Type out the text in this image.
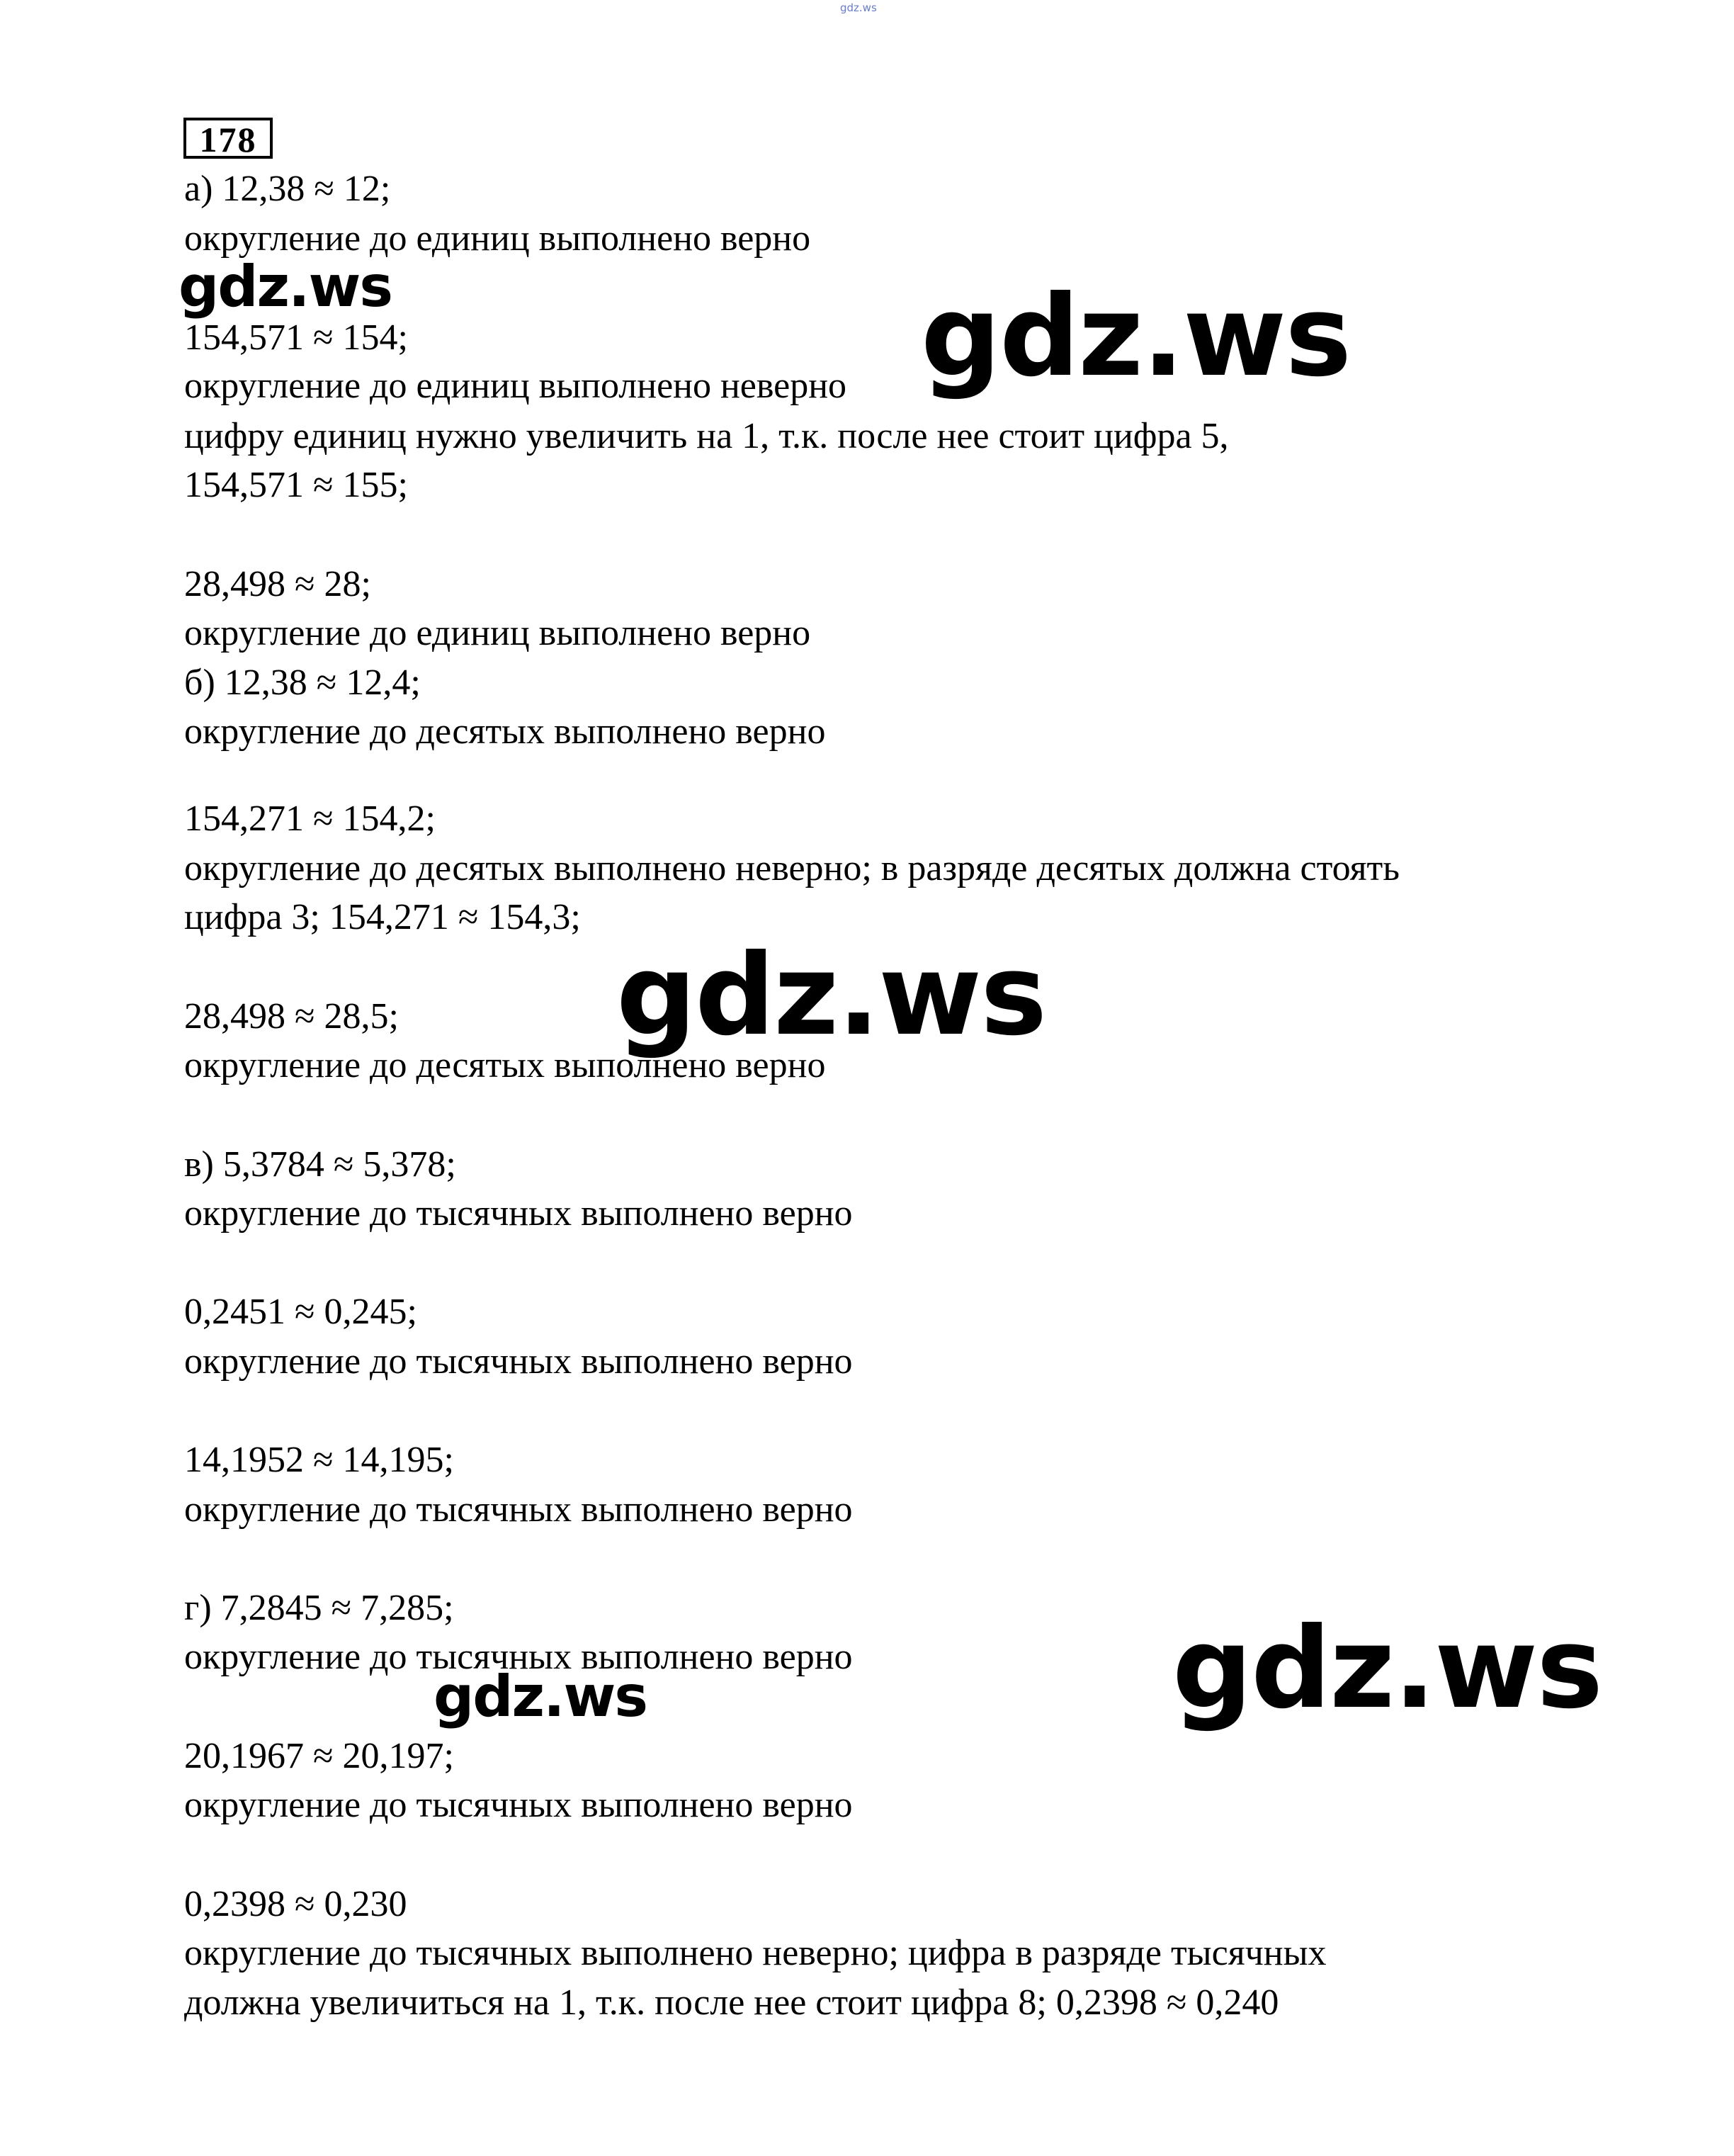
gdz.ws
178
а) 12,38 ≈ 12;
округление до единиц выполнено верно
154,571 ≈ 154;
округление до единиц выполнено неверно
цифру единиц нужно увеличить на 1, т.к. после нее стоит цифра 5,
154,571 ≈ 155;
28,498 ≈ 28;
округление до единиц выполнено верно
б) 12,38 ≈ 12,4;
округление до десятых выполнено верно
154,271 ≈ 154,2;
округление до десятых выполнено неверно; в разряде десятых должна стоять
цифра 3; 154,271 ≈ 154,3;
28,498 ≈ 28,5;
округление до десятых выполнено верно
в) 5,3784 ≈ 5,378;
округление до тысячных выполнено верно
0,2451 ≈ 0,245;
округление до тысячных выполнено верно
14,1952 ≈ 14,195;
округление до тысячных выполнено верно
г) 7,2845 ≈ 7,285;
округление до тысячных выполнено верно
20,1967 ≈ 20,197;
округление до тысячных выполнено верно
0,2398 ≈ 0,230
округление до тысячных выполнено неверно; цифра в разряде тысячных
должна увеличиться на 1, т.к. после нее стоит цифра 8; 0,2398 ≈ 0,240
gdz.ws	gdz.ws
gdz.ws
gdz.ws
gdz.ws
